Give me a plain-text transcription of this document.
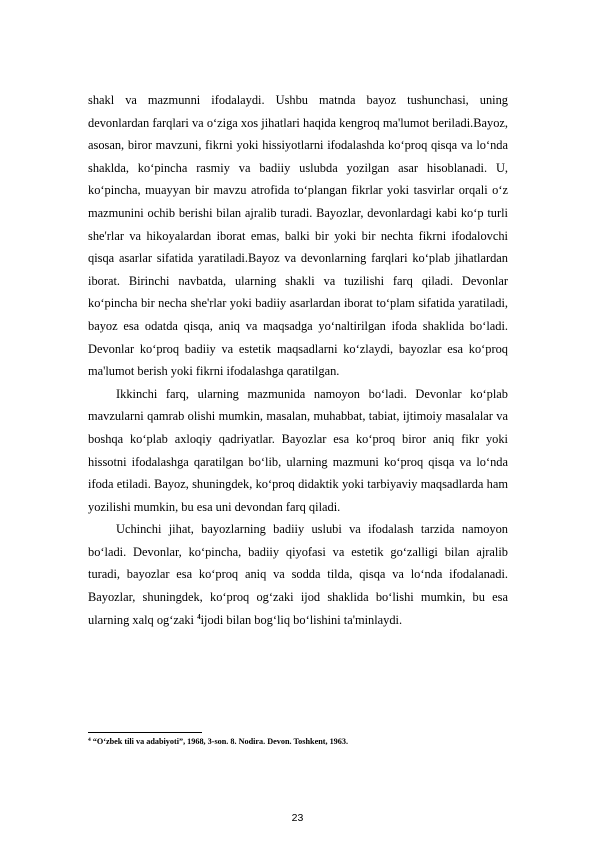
shakl va mazmunni ifodalaydi. Ushbu matnda bayoz tushunchasi, uning devonlardan farqlari va o‘ziga xos jihatlari haqida kengroq ma'lumot beriladi.Bayoz, asosan, biror mavzuni, fikrni yoki hissiyotlarni ifodalashda ko‘proq qisqa va lo‘nda shaklda, ko‘pincha rasmiy va badiiy uslubda yozilgan asar hisoblanadi. U, ko‘pincha, muayyan bir mavzu atrofida to‘plangan fikrlar yoki tasvirlar orqali o‘z mazmunini ochib berishi bilan ajralib turadi. Bayozlar, devonlardagi kabi ko‘p turli she'rlar va hikoyalardan iborat emas, balki bir yoki bir nechta fikrni ifodalovchi qisqa asarlar sifatida yaratiladi.Bayoz va devonlarning farqlari ko‘plab jihatlardan iborat. Birinchi navbatda, ularning shakli va tuzilishi farq qiladi. Devonlar ko‘pincha bir necha she'rlar yoki badiiy asarlardan iborat to‘plam sifatida yaratiladi, bayoz esa odatda qisqa, aniq va maqsadga yo‘naltirilgan ifoda shaklida bo‘ladi. Devonlar ko‘proq badiiy va estetik maqsadlarni ko‘zlaydi, bayozlar esa ko‘proq ma'lumot berish yoki fikrni ifodalashga qaratilgan.

Ikkinchi farq, ularning mazmunida namoyon bo‘ladi. Devonlar ko‘plab mavzularni qamrab olishi mumkin, masalan, muhabbat, tabiat, ijtimoiy masalalar va boshqa ko‘plab axloqiy qadriyatlar. Bayozlar esa ko‘proq biror aniq fikr yoki hissotni ifodalashga qaratilgan bo‘lib, ularning mazmuni ko‘proq qisqa va lo‘nda ifoda etiladi. Bayoz, shuningdek, ko‘proq didaktik yoki tarbiyaviy maqsadlarda ham yozilishi mumkin, bu esa uni devondan farq qiladi.

Uchinchi jihat, bayozlarning badiiy uslubi va ifodalash tarzida namoyon bo‘ladi. Devonlar, ko‘pincha, badiiy qiyofasi va estetik go‘zalligi bilan ajralib turadi, bayozlar esa ko‘proq aniq va sodda tilda, qisqa va lo‘nda ifodalanadi. Bayozlar, shuningdek, ko‘proq og‘zaki ijod shaklida bo‘lishi mumkin, bu esa ularning xalq og‘zaki $^4$ijodi bilan bog‘liq bo‘lishini ta'minlaydi.

$^4$ “O‘zbek tili va adabiyoti”, 1968, 3-son. 8. Nodira. Devon. Toshkent, 1963.
23
